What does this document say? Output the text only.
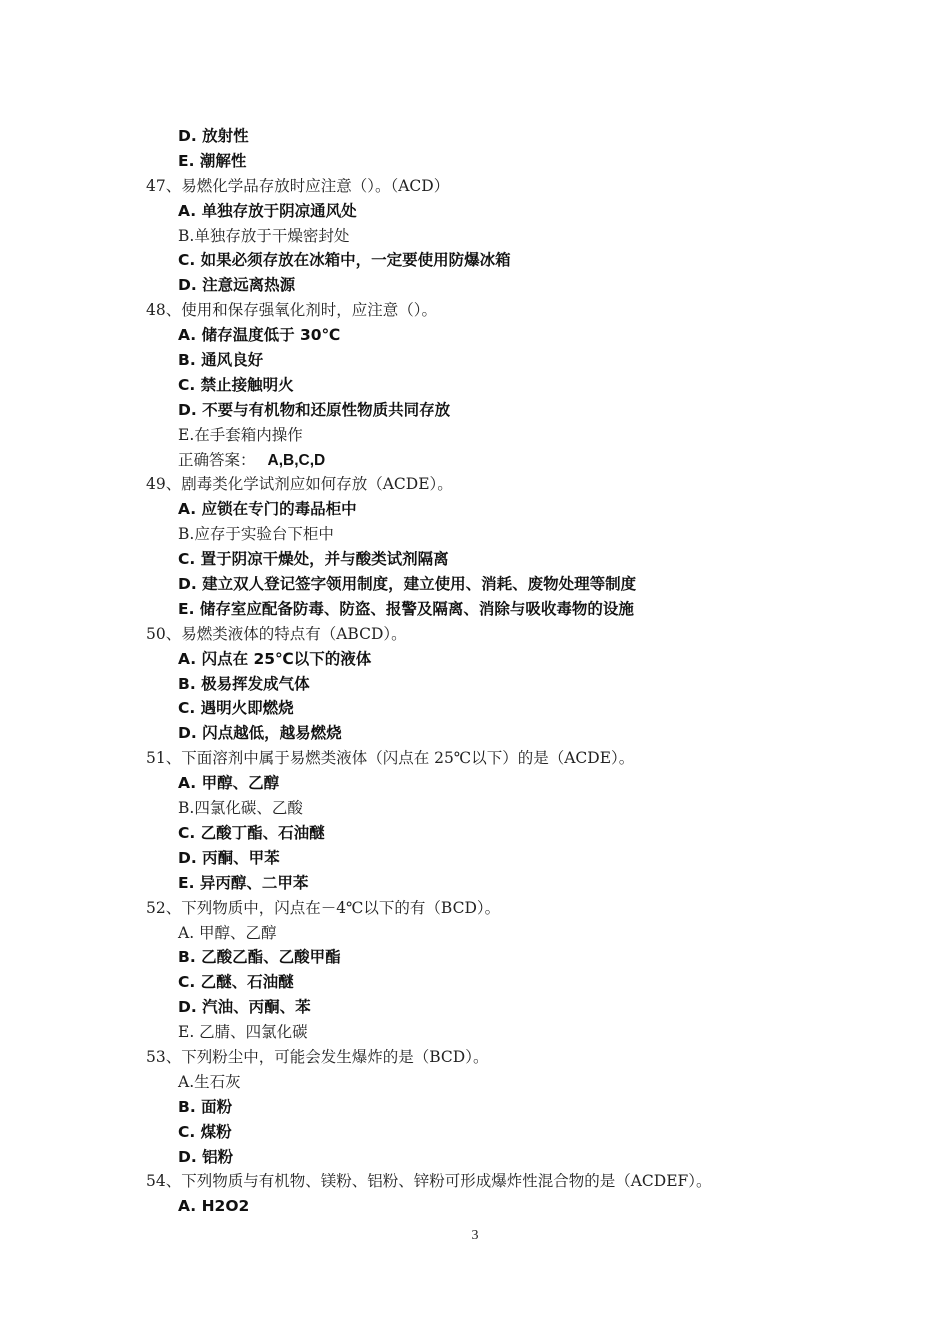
D. 放射性
E. 潮解性
47、易燃化学品存放时应注意（）。（ACD）
A. 单独存放于阴凉通风处
B.单独存放于干燥密封处
C. 如果必须存放在冰箱中，一定要使用防爆冰箱
D. 注意远离热源
48、使用和保存强氧化剂时，应注意（）。
A. 储存温度低于 30℃
B. 通风良好
C. 禁止接触明火
D. 不要与有机物和还原性物质共同存放
E.在手套箱内操作
正确答案： A,B,C,D
49、剧毒类化学试剂应如何存放（ACDE）。
A. 应锁在专门的毒品柜中
B.应存于实验台下柜中
C. 置于阴凉干燥处，并与酸类试剂隔离
D. 建立双人登记签字领用制度，建立使用、消耗、废物处理等制度
E. 储存室应配备防毒、防盗、报警及隔离、消除与吸收毒物的设施
50、易燃类液体的特点有（ABCD）。
A. 闪点在 25℃以下的液体
B. 极易挥发成气体
C. 遇明火即燃烧
D. 闪点越低，越易燃烧
51、下面溶剂中属于易燃类液体（闪点在 25℃以下）的是（ACDE）。
A. 甲醇、乙醇
B.四氯化碳、乙酸
C. 乙酸丁酯、石油醚
D. 丙酮、甲苯
E. 异丙醇、二甲苯
52、下列物质中，闪点在－4℃以下的有（BCD）。
A. 甲醇、乙醇
B. 乙酸乙酯、乙酸甲酯
C. 乙醚、石油醚
D. 汽油、丙酮、苯
E. 乙腈、四氯化碳
53、下列粉尘中，可能会发生爆炸的是（BCD）。
A.生石灰
B. 面粉
C. 煤粉
D. 铝粉
54、下列物质与有机物、镁粉、铝粉、锌粉可形成爆炸性混合物的是（ACDEF）。
A. H2O2
3
